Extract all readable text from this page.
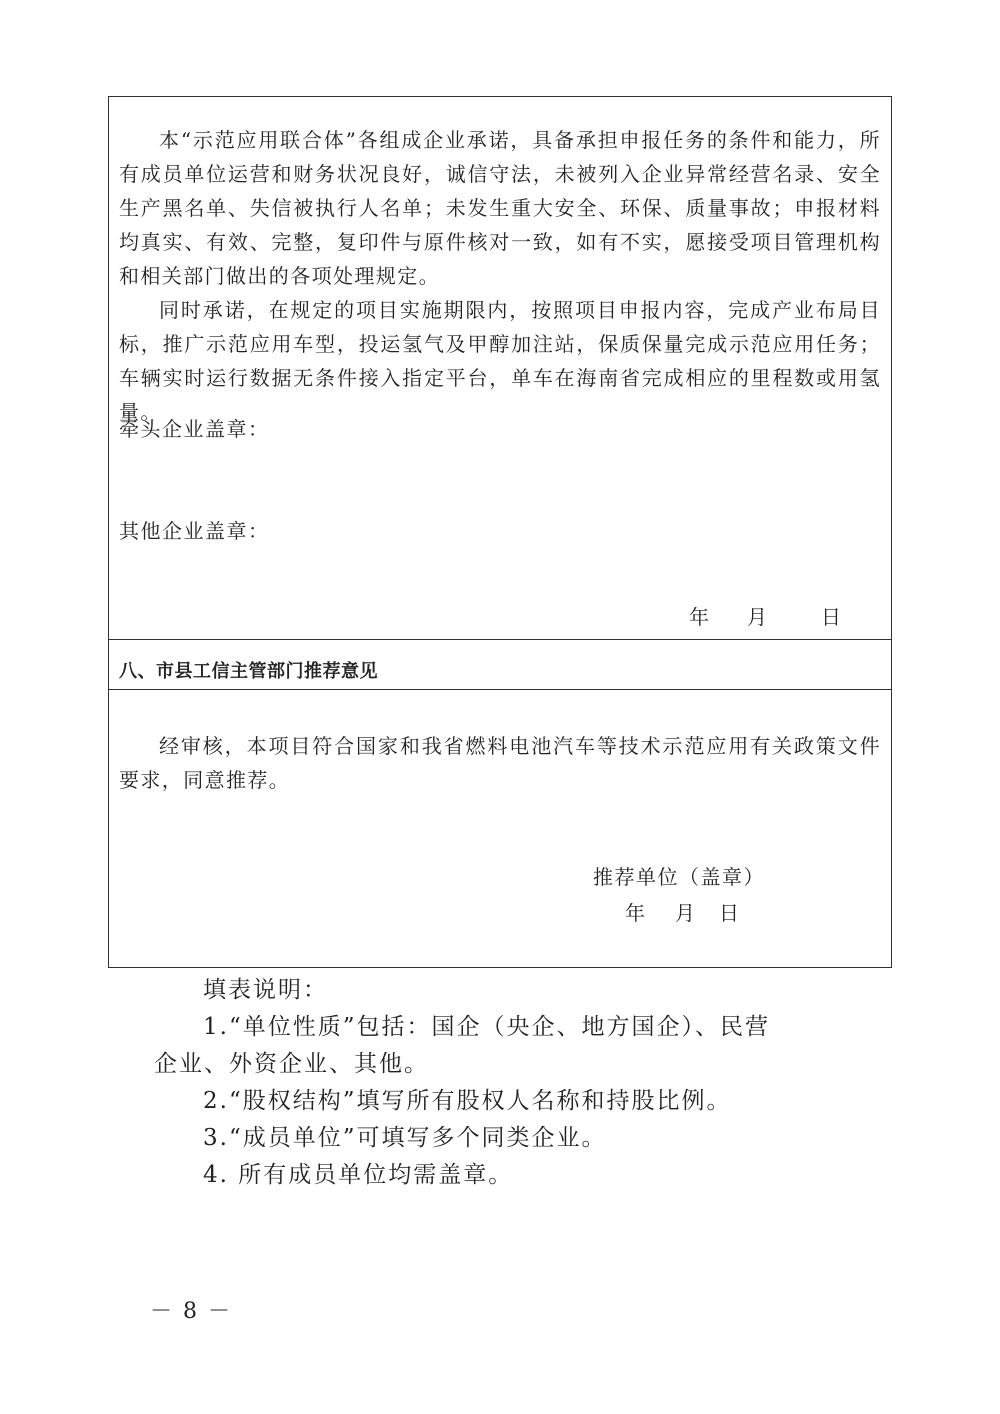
本“示范应用联合体”各组成企业承诺，具备承担申报任务的条件和能力，所有成员单位运营和财务状况良好，诚信守法，未被列入企业异常经营名录、安全生产黑名单、失信被执行人名单；未发生重大安全、环保、质量事故；申报材料均真实、有效、完整，复印件与原件核对一致，如有不实，愿接受项目管理机构和相关部门做出的各项处理规定。

同时承诺，在规定的项目实施期限内，按照项目申报内容，完成产业布局目标，推广示范应用车型，投运氢气及甲醇加注站，保质保量完成示范应用任务；车辆实时运行数据无条件接入指定平台，单车在海南省完成相应的里程数或用氢量。

牵头企业盖章：
其他企业盖章：
年 月	日
八、市县工信主管部门推荐意见

经审核，本项目符合国家和我省燃料电池汽车等技术示范应用有关政策文件要求，同意推荐。

推荐单位（盖章）
年 月 日

填表说明：

1.“单位性质”包括：国企（央企、地方国企）、民营

企业、外资企业、其他。

2.“股权结构”填写所有股权人名称和持股比例。

3.“成员单位”可填写多个同类企业。

4. 所有成员单位均需盖章。

－ 8 －
